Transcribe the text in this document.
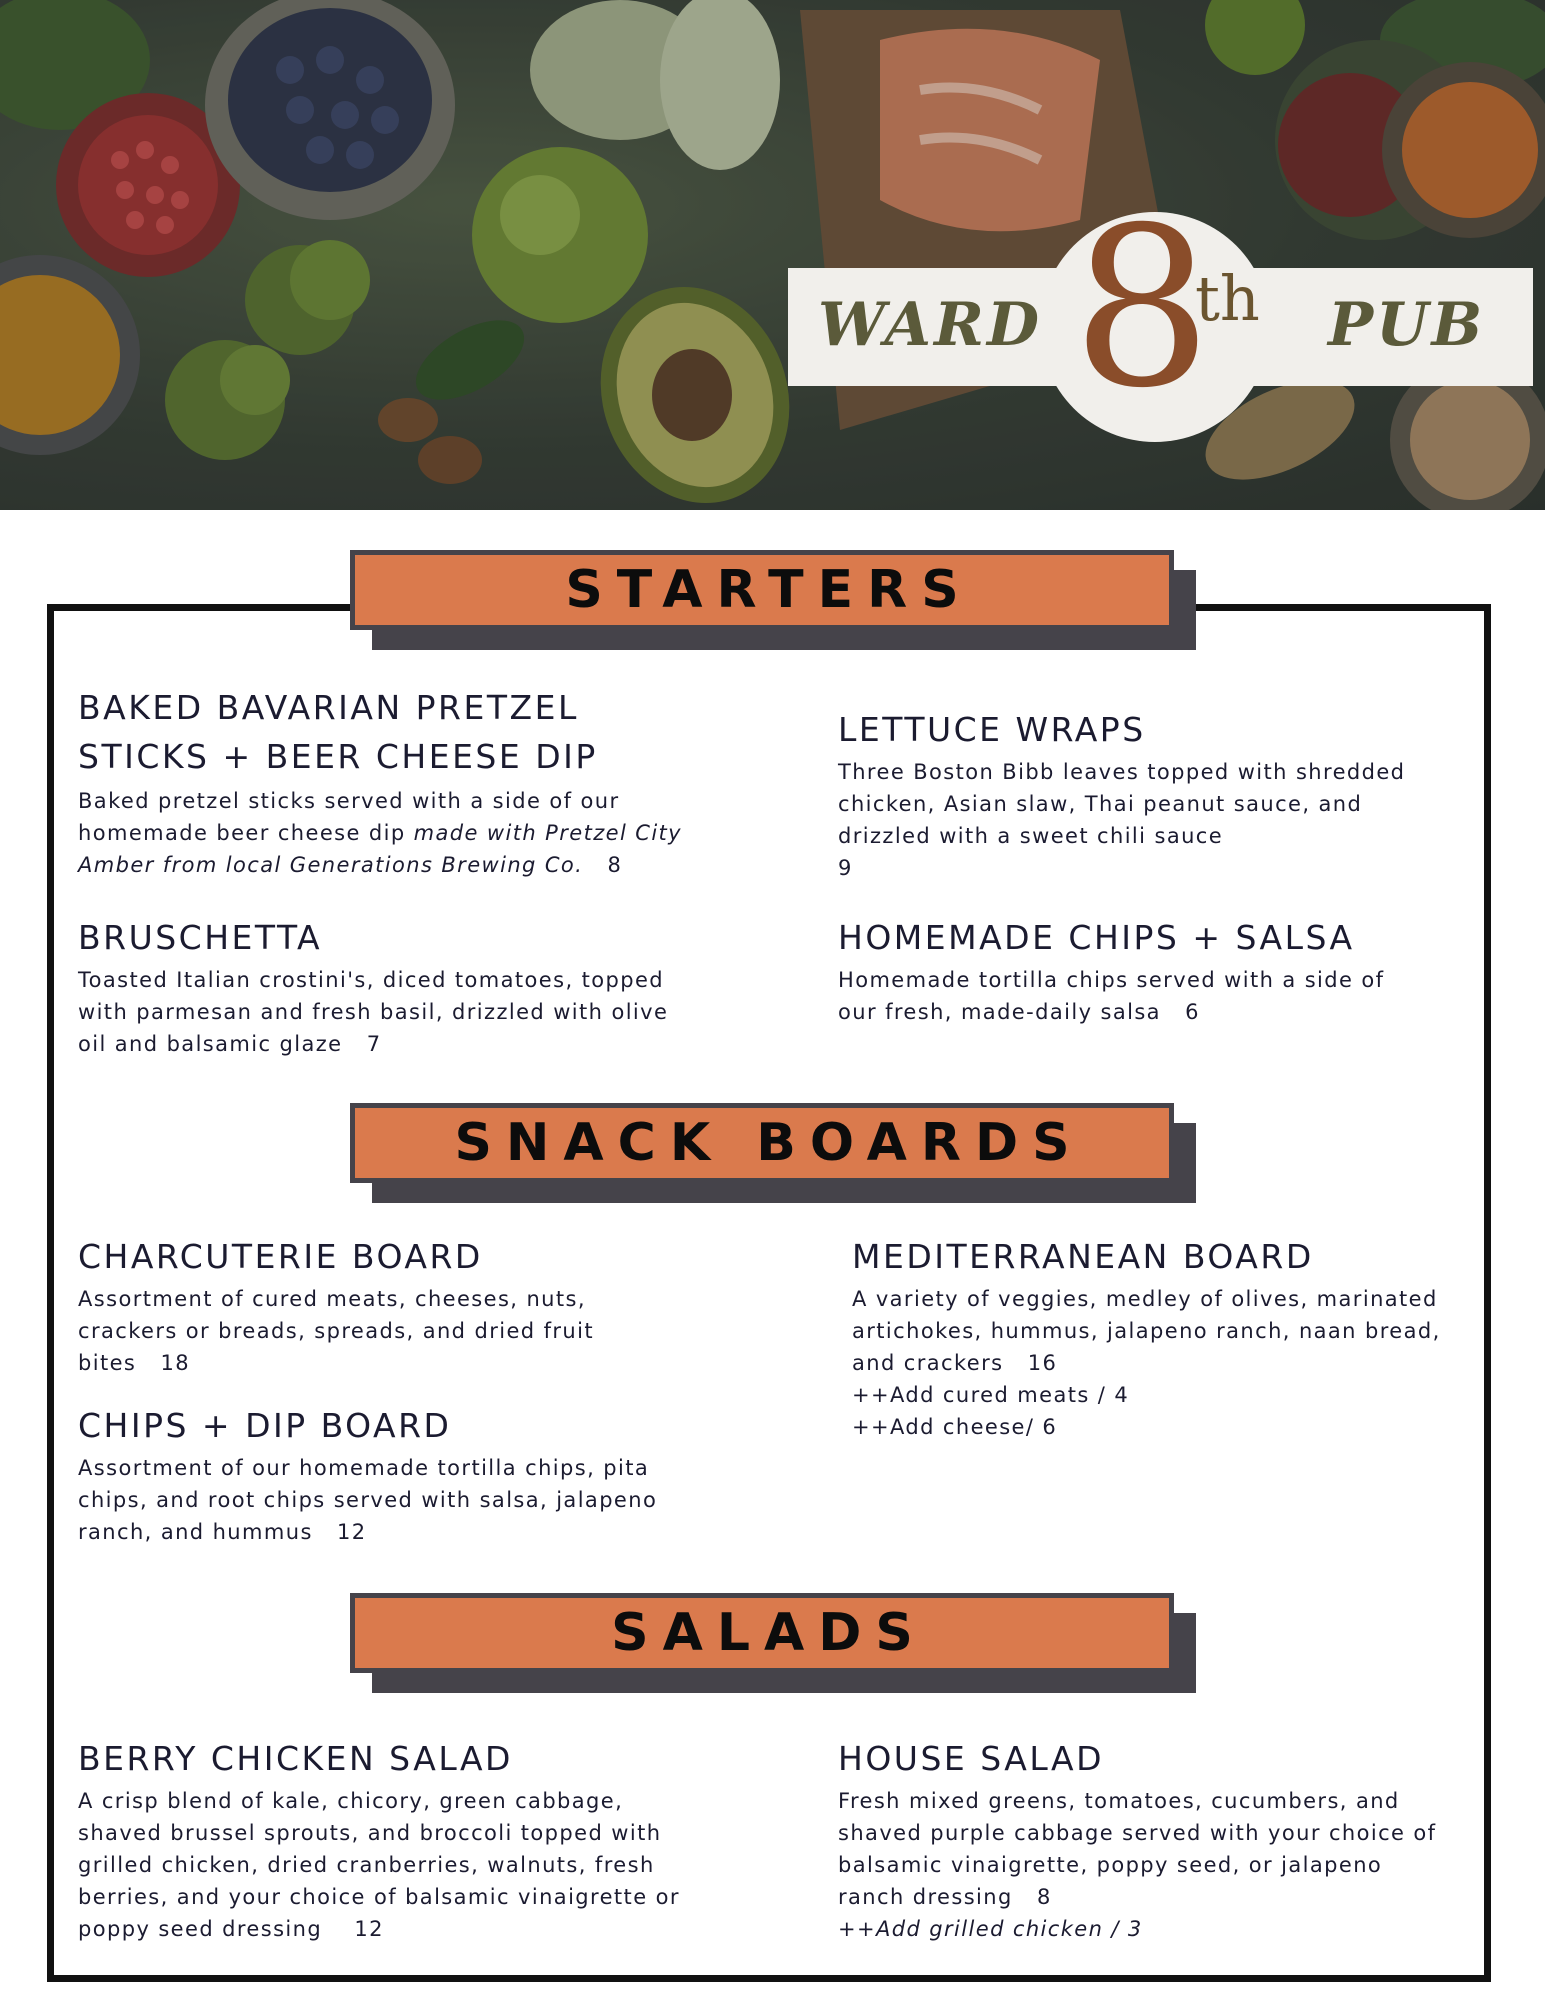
WARD 8
th PUB
STARTERS
BAKED BAVARIAN PRETZEL
STICKS + BEER CHEESE DIP

Baked pretzel sticks served with a side of our homemade beer cheese dip made with Pretzel City Amber from local Generations Brewing Co. 8

LETTUCE WRAPS

Three Boston Bibb leaves topped with shredded chicken, Asian slaw, Thai peanut sauce, and drizzled with a sweet chili sauce
9

BRUSCHETTA

Toasted Italian crostini's, diced tomatoes, topped with parmesan and fresh basil, drizzled with olive oil and balsamic glaze 7

HOMEMADE CHIPS + SALSA

Homemade tortilla chips served with a side of our fresh, made-daily salsa 6

SNACK BOARDS
CHARCUTERIE BOARD

Assortment of cured meats, cheeses, nuts, crackers or breads, spreads, and dried fruit bites 18

MEDITERRANEAN BOARD

A variety of veggies, medley of olives, marinated artichokes, hummus, jalapeno ranch, naan bread, and crackers 16
++Add cured meats / 4
++Add cheese/ 6

CHIPS + DIP BOARD

Assortment of our homemade tortilla chips, pita chips, and root chips served with salsa, jalapeno ranch, and hummus 12

SALADS
BERRY CHICKEN SALAD

A crisp blend of kale, chicory, green cabbage, shaved brussel sprouts, and broccoli topped with grilled chicken, dried cranberries, walnuts, fresh berries, and your choice of balsamic vinaigrette or poppy seed dressing 12

HOUSE SALAD

Fresh mixed greens, tomatoes, cucumbers, and shaved purple cabbage served with your choice of balsamic vinaigrette, poppy seed, or jalapeno ranch dressing 8
++Add grilled chicken / 3
